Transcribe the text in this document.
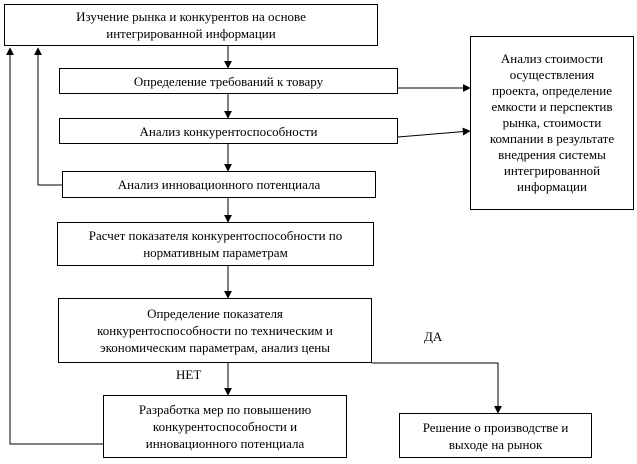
Изучение рынка и конкурентов на основе
интегрированной информации
Определение требований к товару
Анализ конкурентоспособности
Анализ инновационного потенциала
Расчет показателя конкурентоспособности по
нормативным параметрам
Определение показателя
конкурентоспособности по техническим и
экономическим параметрам, анализ цены
Разработка мер по повышению
конкурентоспособности и
инновационного потенциала
Решение о производстве и
выходе на рынок
Анализ стоимости
осуществления
проекта, определение
емкости и перспектив
рынка, стоимости
компании в результате
внедрения системы
интегрированной
информации
ДА
НЕТ
